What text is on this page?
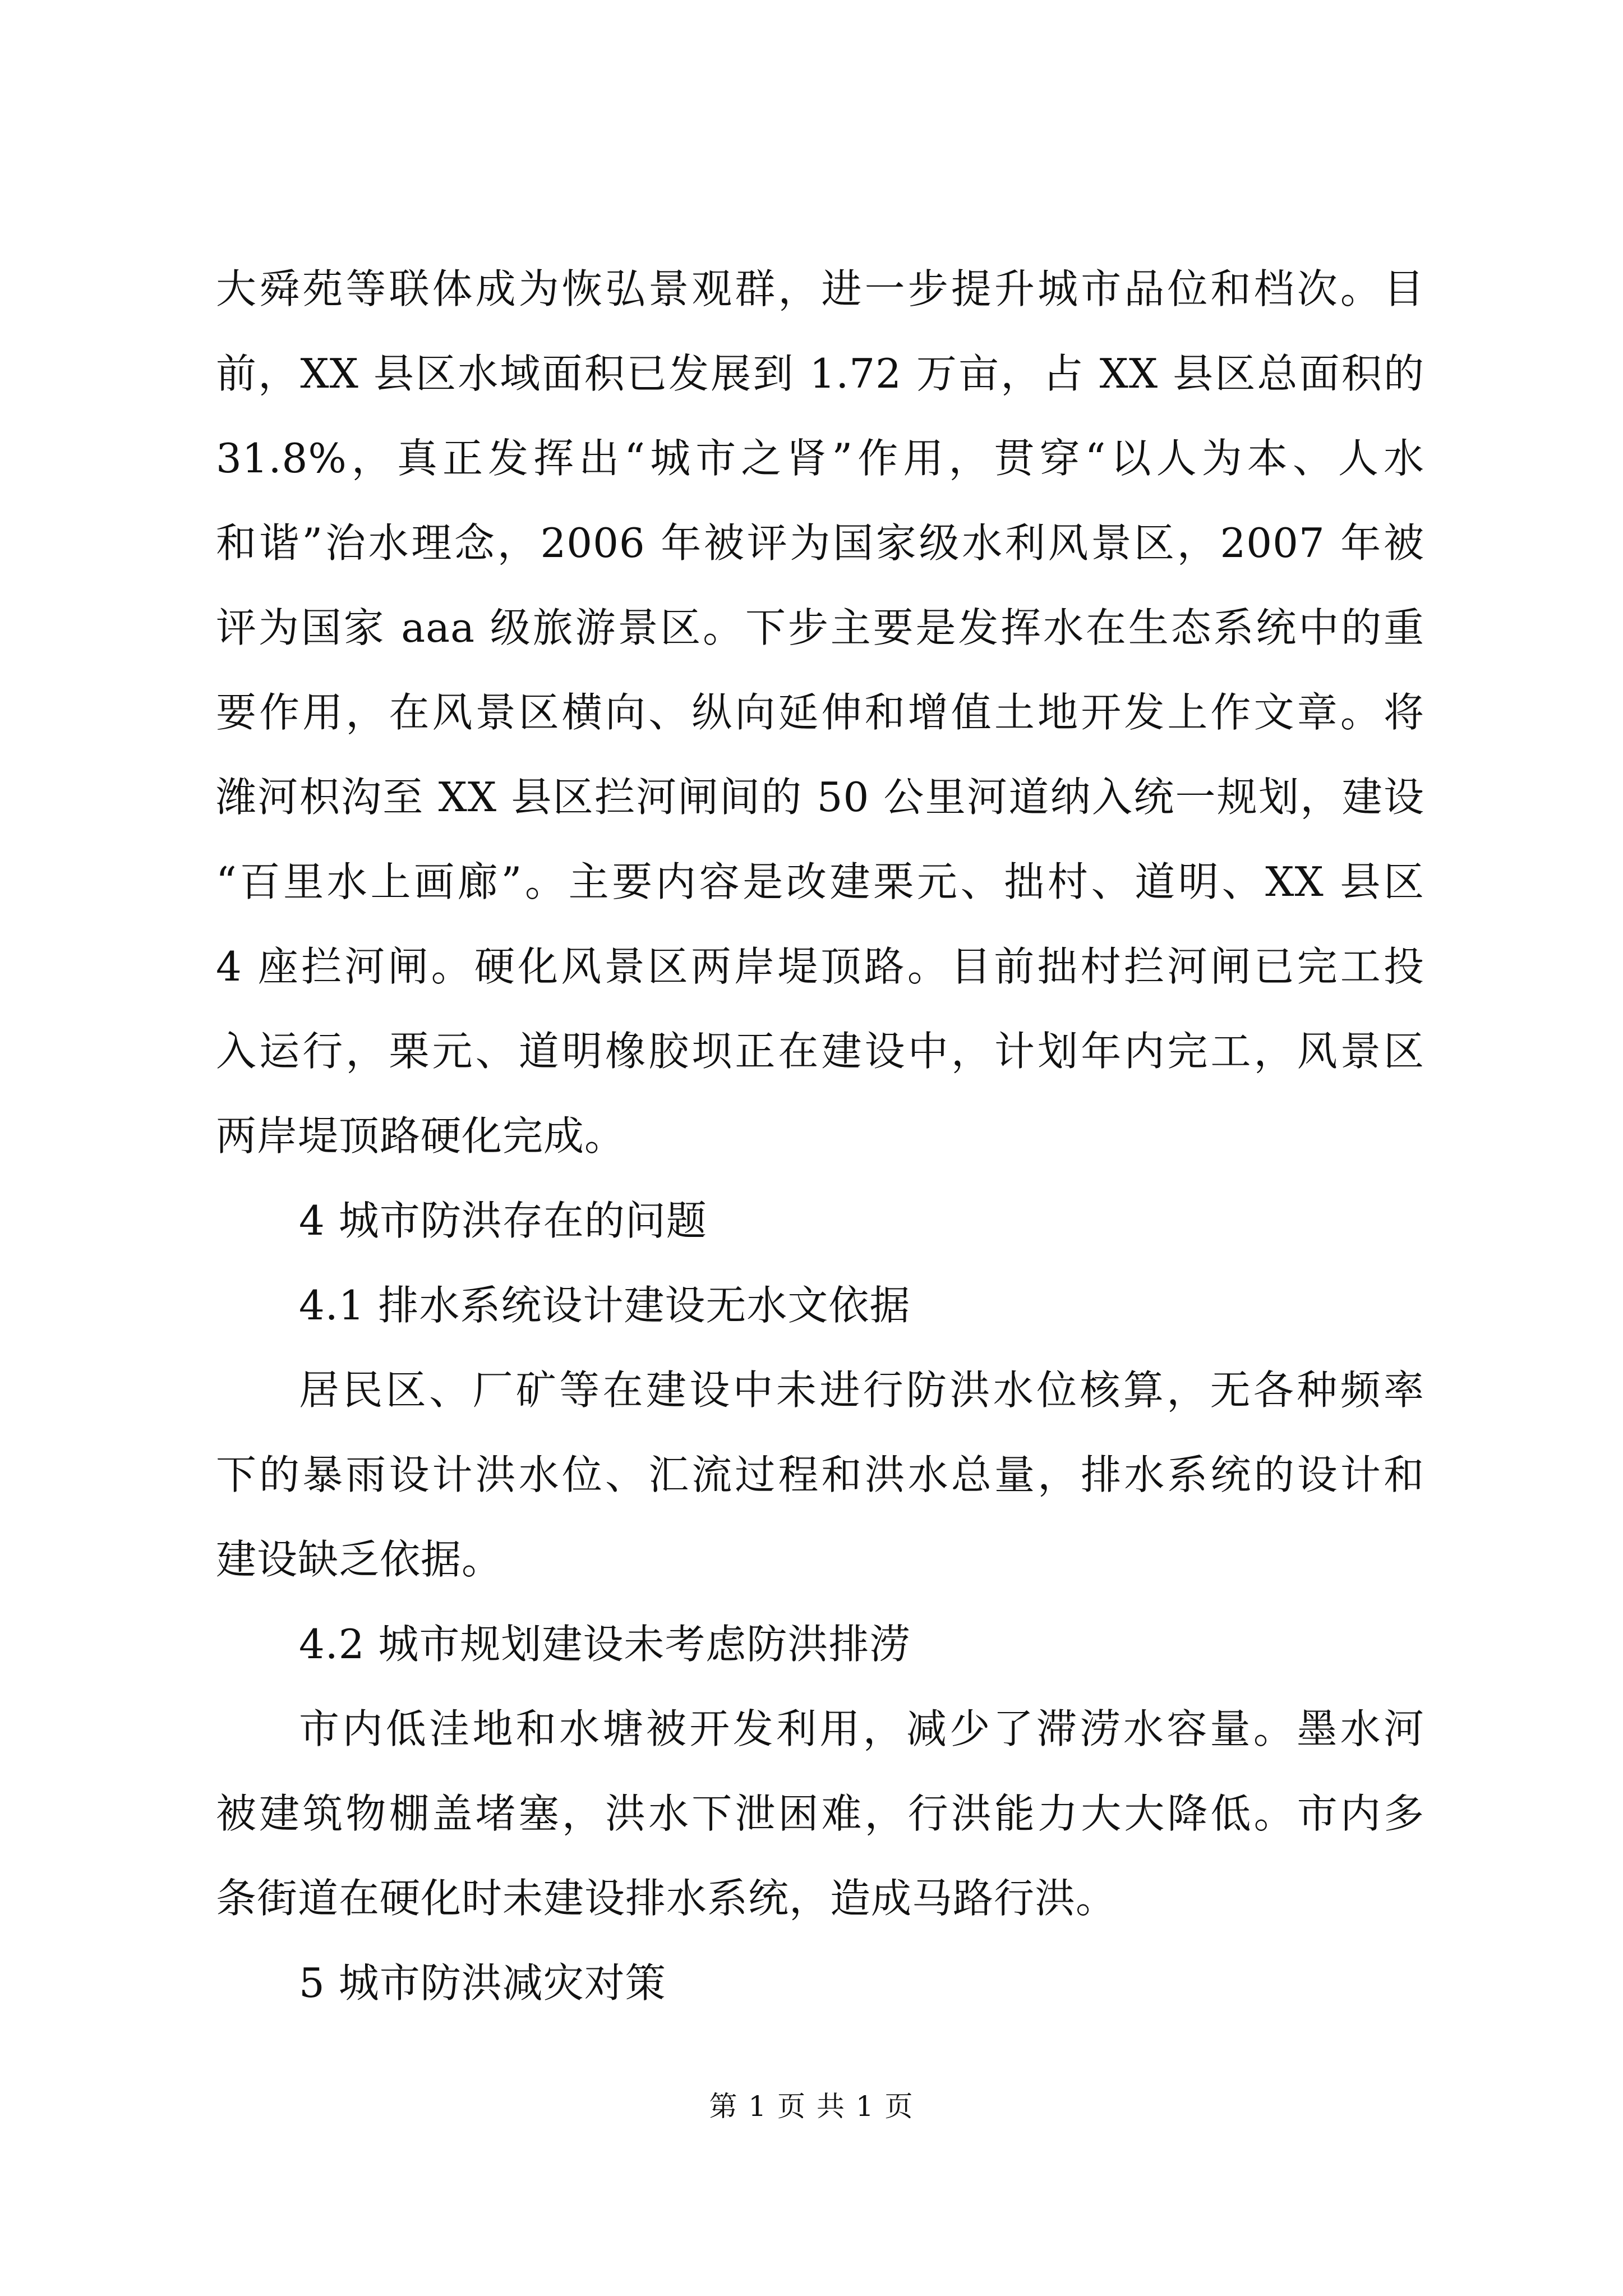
大舜苑等联体成为恢弘景观群，进一步提升城市品位和档次。目
前，XX 县区水域面积已发展到 1.72 万亩，占 XX 县区总面积的
31.8%，真正发挥出“城市之肾”作用，贯穿“以人为本、人水
和谐”治水理念，2006 年被评为国家级水利风景区，2007 年被
评为国家 aaa 级旅游景区。下步主要是发挥水在生态系统中的重
要作用，在风景区横向、纵向延伸和增值土地开发上作文章。将
潍河枳沟至 XX 县区拦河闸间的 50 公里河道纳入统一规划，建设
“百里水上画廊”。主要内容是改建栗元、拙村、道明、XX 县区
4 座拦河闸。硬化风景区两岸堤顶路。目前拙村拦河闸已完工投
入运行，栗元、道明橡胶坝正在建设中，计划年内完工，风景区
两岸堤顶路硬化完成。
4 城市防洪存在的问题
4.1 排水系统设计建设无水文依据
居民区、厂矿等在建设中未进行防洪水位核算，无各种频率
下的暴雨设计洪水位、汇流过程和洪水总量，排水系统的设计和
建设缺乏依据。
4.2 城市规划建设未考虑防洪排涝
市内低洼地和水塘被开发利用，减少了滞涝水容量。墨水河
被建筑物棚盖堵塞，洪水下泄困难，行洪能力大大降低。市内多
条街道在硬化时未建设排水系统，造成马路行洪。
5 城市防洪减灾对策
第 1 页 共 1 页
